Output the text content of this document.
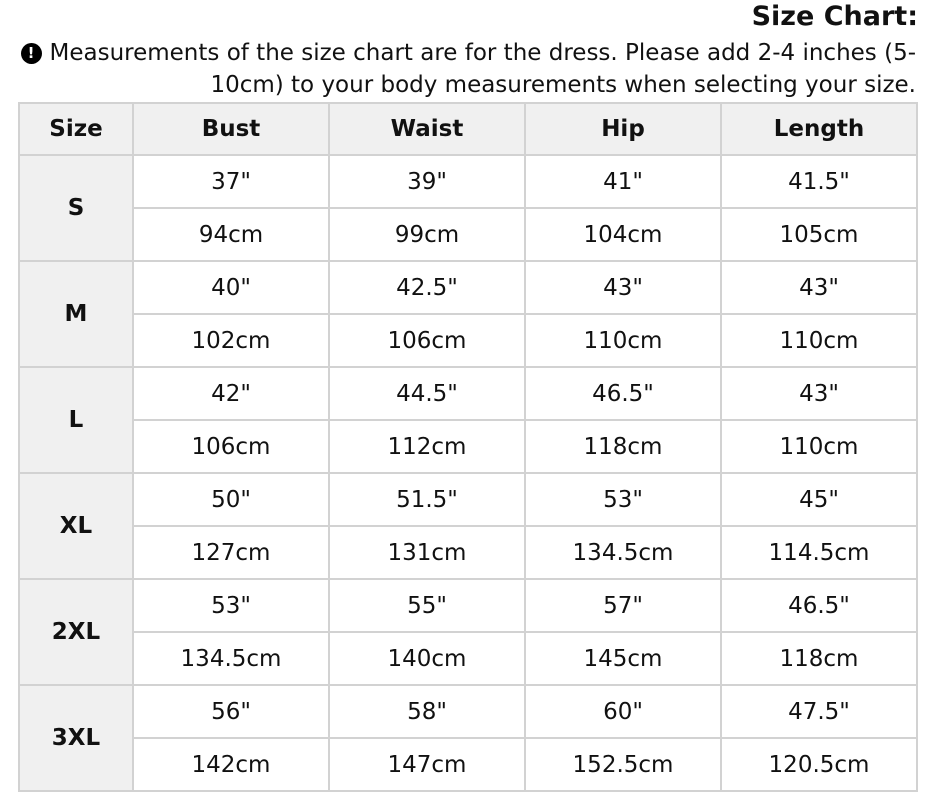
Size Chart:
! Measurements of the size chart are for the dress. Please add 2-4 inches (5-10cm) to your body measurements when selecting your size.
Size	Bust	Waist	Hip	Length
S	37"	39"	41"	41.5"
	94cm	99cm	104cm	105cm
M	40"	42.5"	43"	43"
	102cm	106cm	110cm	110cm
L	42"	44.5"	46.5"	43"
	106cm	112cm	118cm	110cm
XL	50"	51.5"	53"	45"
	127cm	131cm	134.5cm	114.5cm
2XL	53"	55"	57"	46.5"
	134.5cm	140cm	145cm	118cm
3XL	56"	58"	60"	47.5"
	142cm	147cm	152.5cm	120.5cm
